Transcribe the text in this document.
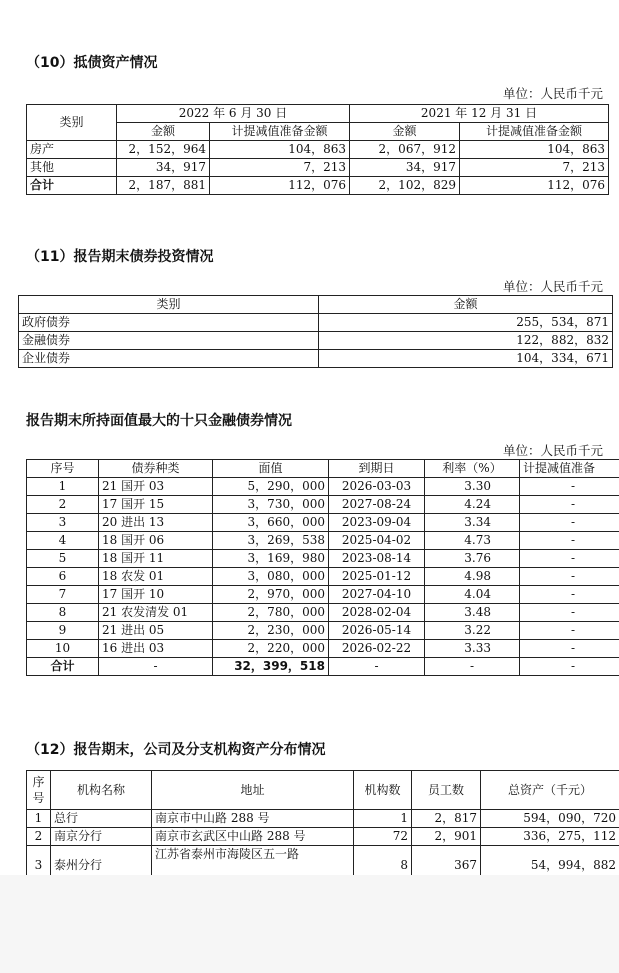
（10）抵债资产情况
单位：人民币千元
类别	2022 年 6 月 30 日		2021 年 12 月 31 日	
	金额	计提减值准备金额	金额	计提减值准备金额
房产	2，152，964	104，863	2，067，912	104，863
其他	34，917	7，213	34，917	7，213
合计	2，187，881	112，076	2，102，829	112，076
（11）报告期末债券投资情况
单位：人民币千元
类别	金额
政府债券	255，534，871
金融债券	122，882，832
企业债券	104，334，671
报告期末所持面值最大的十只金融债券情况
单位：人民币千元
序号	债券种类	面值	到期日	利率（%）	计提减值准备
1	21 国开 03	5，290，000	2026-03-03	3.30	-
2	17 国开 15	3，730，000	2027-08-24	4.24	-
3	20 进出 13	3，660，000	2023-09-04	3.34	-
4	18 国开 06	3，269，538	2025-04-02	4.73	-
5	18 国开 11	3，169，980	2023-08-14	3.76	-
6	18 农发 01	3，080，000	2025-01-12	4.98	-
7	17 国开 10	2，970，000	2027-04-10	4.04	-
8	21 农发清发 01	2，780，000	2028-02-04	3.48	-
9	21 进出 05	2，230，000	2026-05-14	3.22	-
10	16 进出 03	2，220，000	2026-02-22	3.33	-
合计	-	32，399，518	-	-	-
（12）报告期末，公司及分支机构资产分布情况
序号	机构名称	地址	机构数	员工数	总资产（千元）
1	总行	南京市中山路 288 号	1	2，817	594，090，720
2	南京分行	南京市玄武区中山路 288 号	72	2，901	336，275，112
3	泰州分行	江苏省泰州市海陵区五一路	8	367	54，994，882
